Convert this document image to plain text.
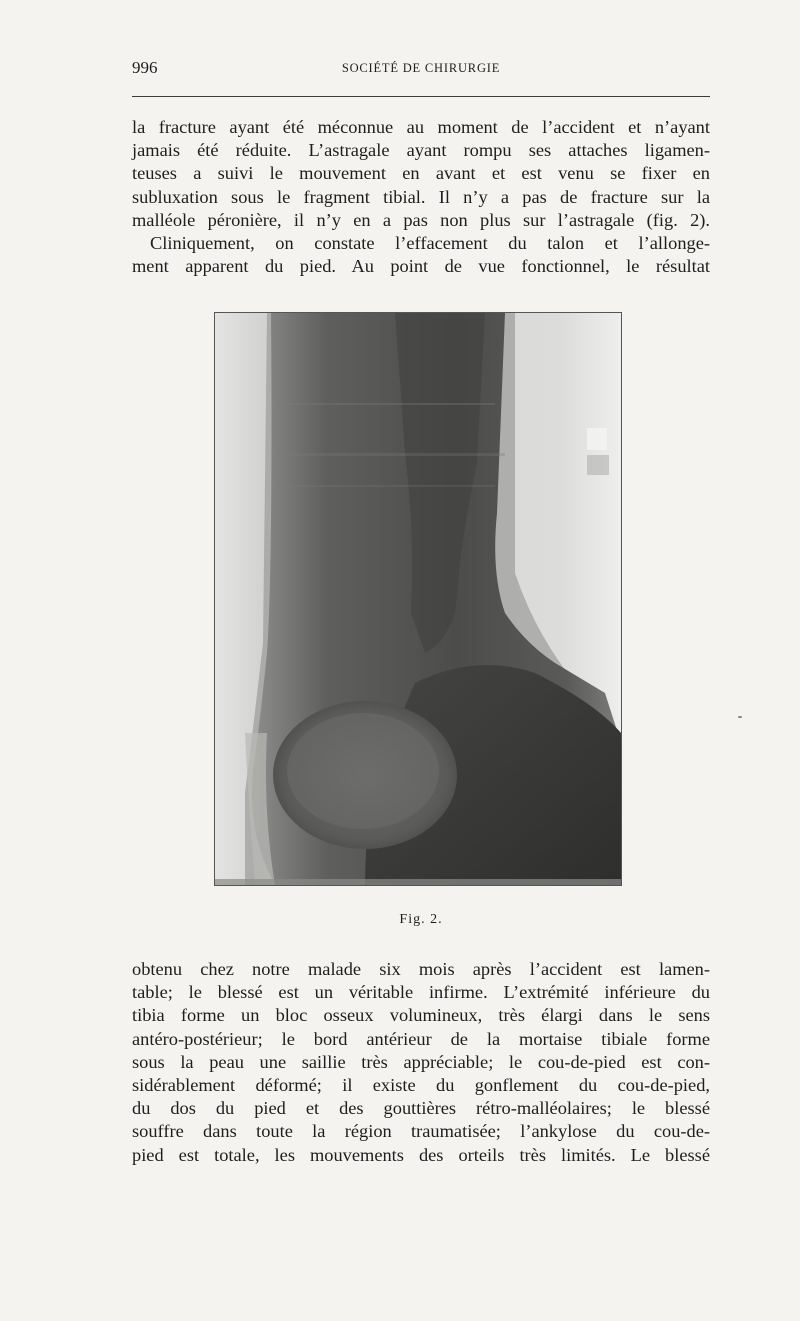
996	SOCIÉTÉ DE CHIRURGIE
la fracture ayant été méconnue au moment de l’accident et n’ayant
jamais été réduite. L’astragale ayant rompu ses attaches ligamen-
teuses a suivi le mouvement en avant et est venu se fixer en
subluxation sous le fragment tibial. Il n’y a pas de fracture sur la
malléole péronière, il n’y en a pas non plus sur l’astragale (fig. 2).
Cliniquement, on constate l’effacement du talon et l’allonge-
ment apparent du pied. Au point de vue fonctionnel, le résultat
Fig. 2.
obtenu chez notre malade six mois après l’accident est lamen-
table; le blessé est un véritable infirme. L’extrémité inférieure du
tibia forme un bloc osseux volumineux, très élargi dans le sens
antéro-postérieur; le bord antérieur de la mortaise tibiale forme
sous la peau une saillie très appréciable; le cou-de-pied est con-
sidérablement déformé; il existe du gonflement du cou-de-pied,
du dos du pied et des gouttières rétro-malléolaires; le blessé
souffre dans toute la région traumatisée; l’ankylose du cou-de-
pied est totale, les mouvements des orteils très limités. Le blessé
